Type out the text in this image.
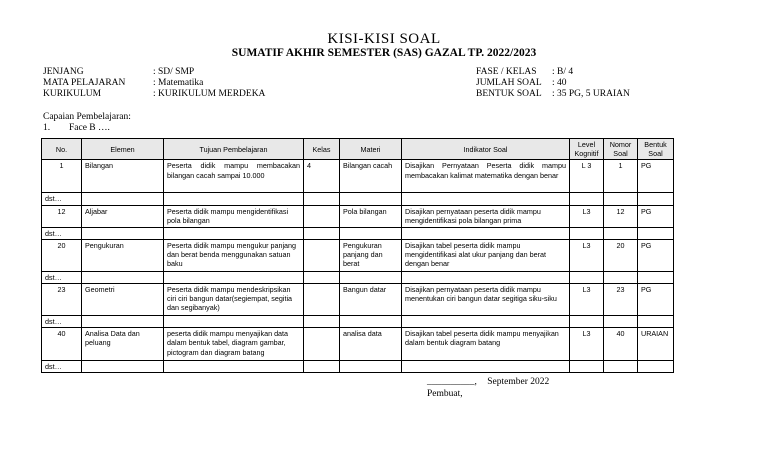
KISI-KISI SOAL
SUMATIF AKHIR SEMESTER (SAS) GAZAL TP. 2022/2023
JENJANG	: SD/ SMP
MATA PELAJARAN	: Matematika
KURIKULUM	: KURIKULUM MERDEKA
FASE / KELAS	: B/ 4
JUMLAH SOAL	: 40
BENTUK SOAL	: 35 PG, 5 URAIAN
Capaian Pembelajaran:
1. Face B ….
No.	Elemen	Tujuan Pembelajaran	Kelas	Materi	Indikator Soal	Level Kognitif	Nomor Soal	Bentuk Soal
1	Bilangan	Peserta didik mampu membacakan bilangan cacah sampai 10.000	4	Bilangan cacah	Disajikan Pernyataan Peserta didik mampu membacakan kalimat matematika dengan benar	L 3	1	PG
dst…								
12	Aljabar	Peserta didik mampu mengidentifikasi pola bilangan		Pola bilangan	Disajikan pernyataan peserta didik mampu mengidentifikasi pola bilangan prima	L3	12	PG
dst…								
20	Pengukuran	Peserta didik mampu mengukur panjang dan berat benda menggunakan satuan baku		Pengukuran panjang dan berat	Disajikan tabel peserta didik mampu mengidentifikasi alat ukur panjang dan berat dengan benar	L3	20	PG
dst…								
23	Geometri	Peserta didik mampu mendeskripsikan ciri ciri bangun datar(segiempat, segitia dan segibanyak)		Bangun datar	Disajikan pernyataan peserta didik mampu menentukan ciri bangun datar segitiga siku-siku	L3	23	PG
dst…								
40	Analisa Data dan peluang	peserta didik mampu menyajikan data dalam bentuk tabel, diagram gambar, pictogram dan diagram batang		analisa data	Disajikan tabel peserta didik mampu menyajikan dalam bentuk diagram batang	L3	40	URAIAN
dst…								
__________, September 2022
Pembuat,
